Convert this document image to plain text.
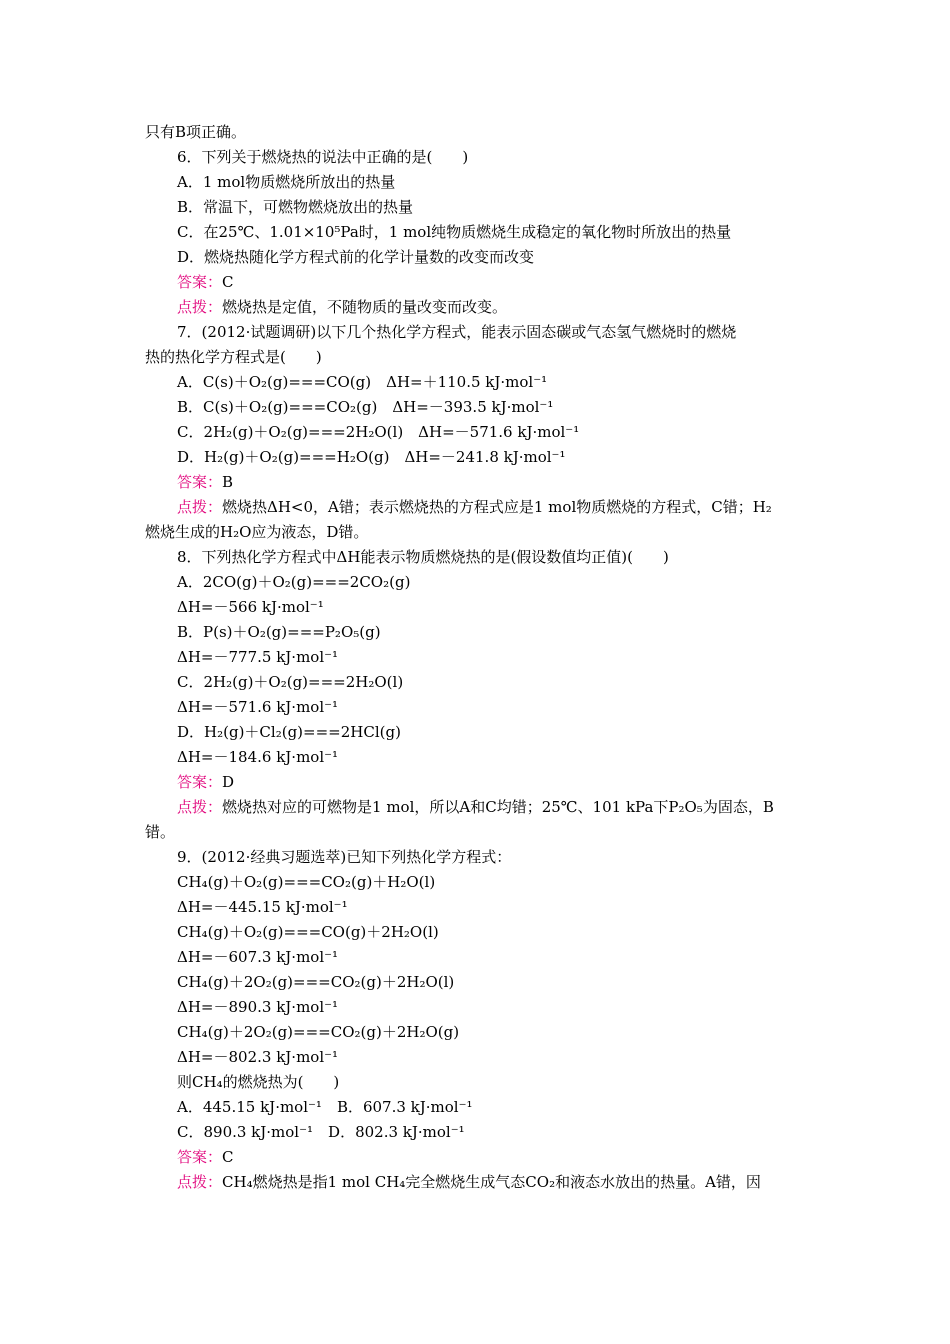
只有B项正确。
6．下列关于燃烧热的说法中正确的是(　　)
A．1 mol物质燃烧所放出的热量
B．常温下，可燃物燃烧放出的热量
C．在25℃、1.01×10⁵Pa时，1 mol纯物质燃烧生成稳定的氧化物时所放出的热量
D．燃烧热随化学方程式前的化学计量数的改变而改变
答案：C
点拨：燃烧热是定值，不随物质的量改变而改变。
7．(2012·试题调研)以下几个热化学方程式，能表示固态碳或气态氢气燃烧时的燃烧
热的热化学方程式是(　　)
A．C(s)＋O₂(g)===CO(g)　ΔH=＋110.5 kJ·mol⁻¹
B．C(s)＋O₂(g)===CO₂(g)　ΔH=－393.5 kJ·mol⁻¹
C．2H₂(g)＋O₂(g)===2H₂O(l)　ΔH=－571.6 kJ·mol⁻¹
D．H₂(g)＋O₂(g)===H₂O(g)　ΔH=－241.8 kJ·mol⁻¹
答案：B
点拨：燃烧热ΔH<0，A错；表示燃烧热的方程式应是1 mol物质燃烧的方程式，C错；H₂
燃烧生成的H₂O应为液态，D错。
8．下列热化学方程式中ΔH能表示物质燃烧热的是(假设数值均正值)(　　)
A．2CO(g)＋O₂(g)===2CO₂(g)
ΔH=－566 kJ·mol⁻¹
B．P(s)＋O₂(g)===P₂O₅(g)
ΔH=－777.5 kJ·mol⁻¹
C．2H₂(g)＋O₂(g)===2H₂O(l)
ΔH=－571.6 kJ·mol⁻¹
D．H₂(g)＋Cl₂(g)===2HCl(g)
ΔH=－184.6 kJ·mol⁻¹
答案：D
点拨：燃烧热对应的可燃物是1 mol，所以A和C均错；25℃、101 kPa下P₂O₅为固态，B
错。
9．(2012·经典习题选萃)已知下列热化学方程式：
CH₄(g)＋O₂(g)===CO₂(g)＋H₂O(l)
ΔH=－445.15 kJ·mol⁻¹
CH₄(g)＋O₂(g)===CO(g)＋2H₂O(l)
ΔH=－607.3 kJ·mol⁻¹
CH₄(g)＋2O₂(g)===CO₂(g)＋2H₂O(l)
ΔH=－890.3 kJ·mol⁻¹
CH₄(g)＋2O₂(g)===CO₂(g)＋2H₂O(g)
ΔH=－802.3 kJ·mol⁻¹
则CH₄的燃烧热为(　　)
A．445.15 kJ·mol⁻¹　B．607.3 kJ·mol⁻¹
C．890.3 kJ·mol⁻¹　D．802.3 kJ·mol⁻¹
答案：C
点拨：CH₄燃烧热是指1 mol CH₄完全燃烧生成气态CO₂和液态水放出的热量。A错，因
